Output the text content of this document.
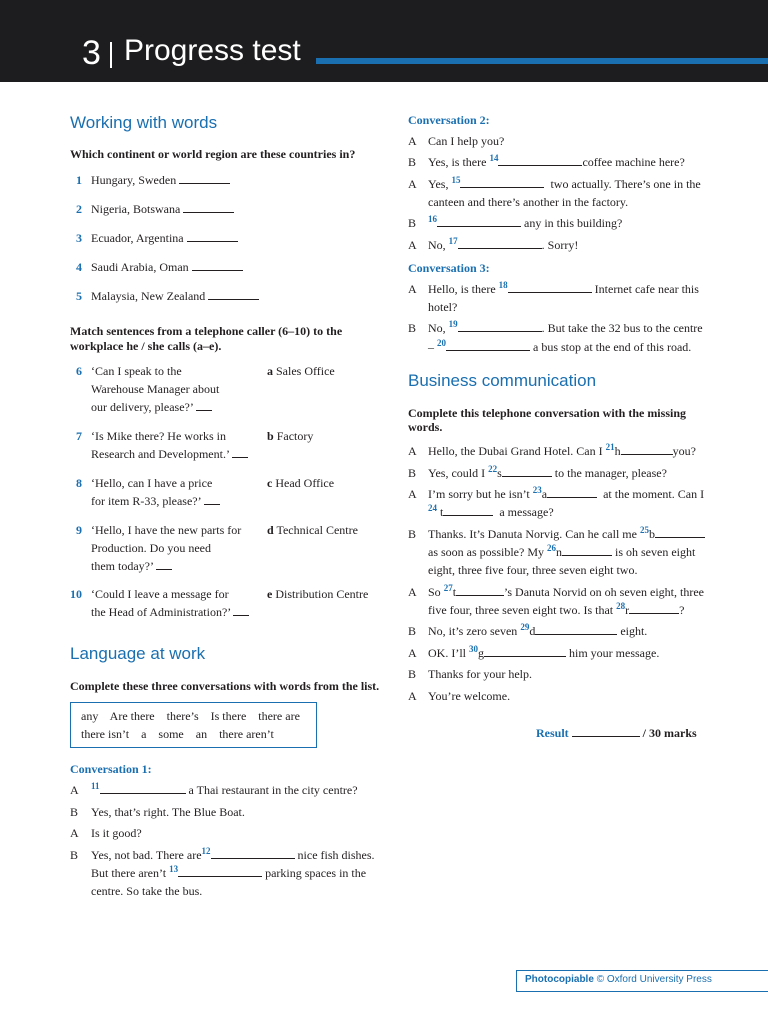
3 Progress test
Working with words
Which continent or world region are these countries in?
1 Hungary, Sweden
2 Nigeria, Botswana
3 Ecuador, Argentina
4 Saudi Arabia, Oman
5 Malaysia, New Zealand
Match sentences from a telephone caller (6–10) to the
workplace he / she calls (a–e).
6 ‘Can I speak to the
Warehouse Manager about
our delivery, please?’
a Sales Office
7 ‘Is Mike there? He works in
Research and Development.’
b Factory
8 ‘Hello, can I have a price
for item R-33, please?’
c Head Office
9 ‘Hello, I have the new parts for
Production. Do you need
them today?’
d Technical Centre
10 ‘Could I leave a message for
the Head of Administration?’
e Distribution Centre
Language at work
Complete these three conversations with words from the list.
any    Are there    there’s    Is there    there are
there isn’t    a    some    an    there aren’t
Conversation 1:
A $^{11}$	a Thai restaurant in the city centre?
B Yes, that’s right. The Blue Boat.
A Is it good?
B Yes, not bad. There are$^{12}$	nice fish dishes.
But there aren’t $^{13}$	parking spaces in the
centre. So take the bus.
Conversation 2:
A Can I help you?
B Yes, is there $^{14}$	coffee machine here?
A Yes, $^{15}$	two actually. There’s one in the
canteen and there’s another in the factory.
B $^{16}$	any in this building?
A No, $^{17}$	. Sorry!
Conversation 3:
A Hello, is there $^{18}$	Internet cafe near this
hotel?
B No, $^{19}$	. But take the 32 bus to the centre
– $^{20}$	a bus stop at the end of this road.
Business communication
Complete this telephone conversation with the missing
words.
A Hello, the Dubai Grand Hotel. Can I $^{21}$h	you?
B Yes, could I $^{22}$s	to the manager, please?
A I’m sorry but he isn’t $^{23}$a	at the moment. Can I
$^{24}$ t	a message?
B Thanks. It’s Danuta Norvig. Can he call me $^{25}$b
as soon as possible? My $^{26}$n	is oh seven eight
eight, three five four, three seven eight two.
A So $^{27}$t	’s Danuta Norvid on oh seven eight, three
five four, three seven eight two. Is that $^{28}$r	?
B No, it’s zero seven $^{29}$d	eight.
A OK. I’ll $^{30}$g	him your message.
B Thanks for your help.
A You’re welcome.
Result	/ 30 marks
Photocopiable © Oxford University Press
